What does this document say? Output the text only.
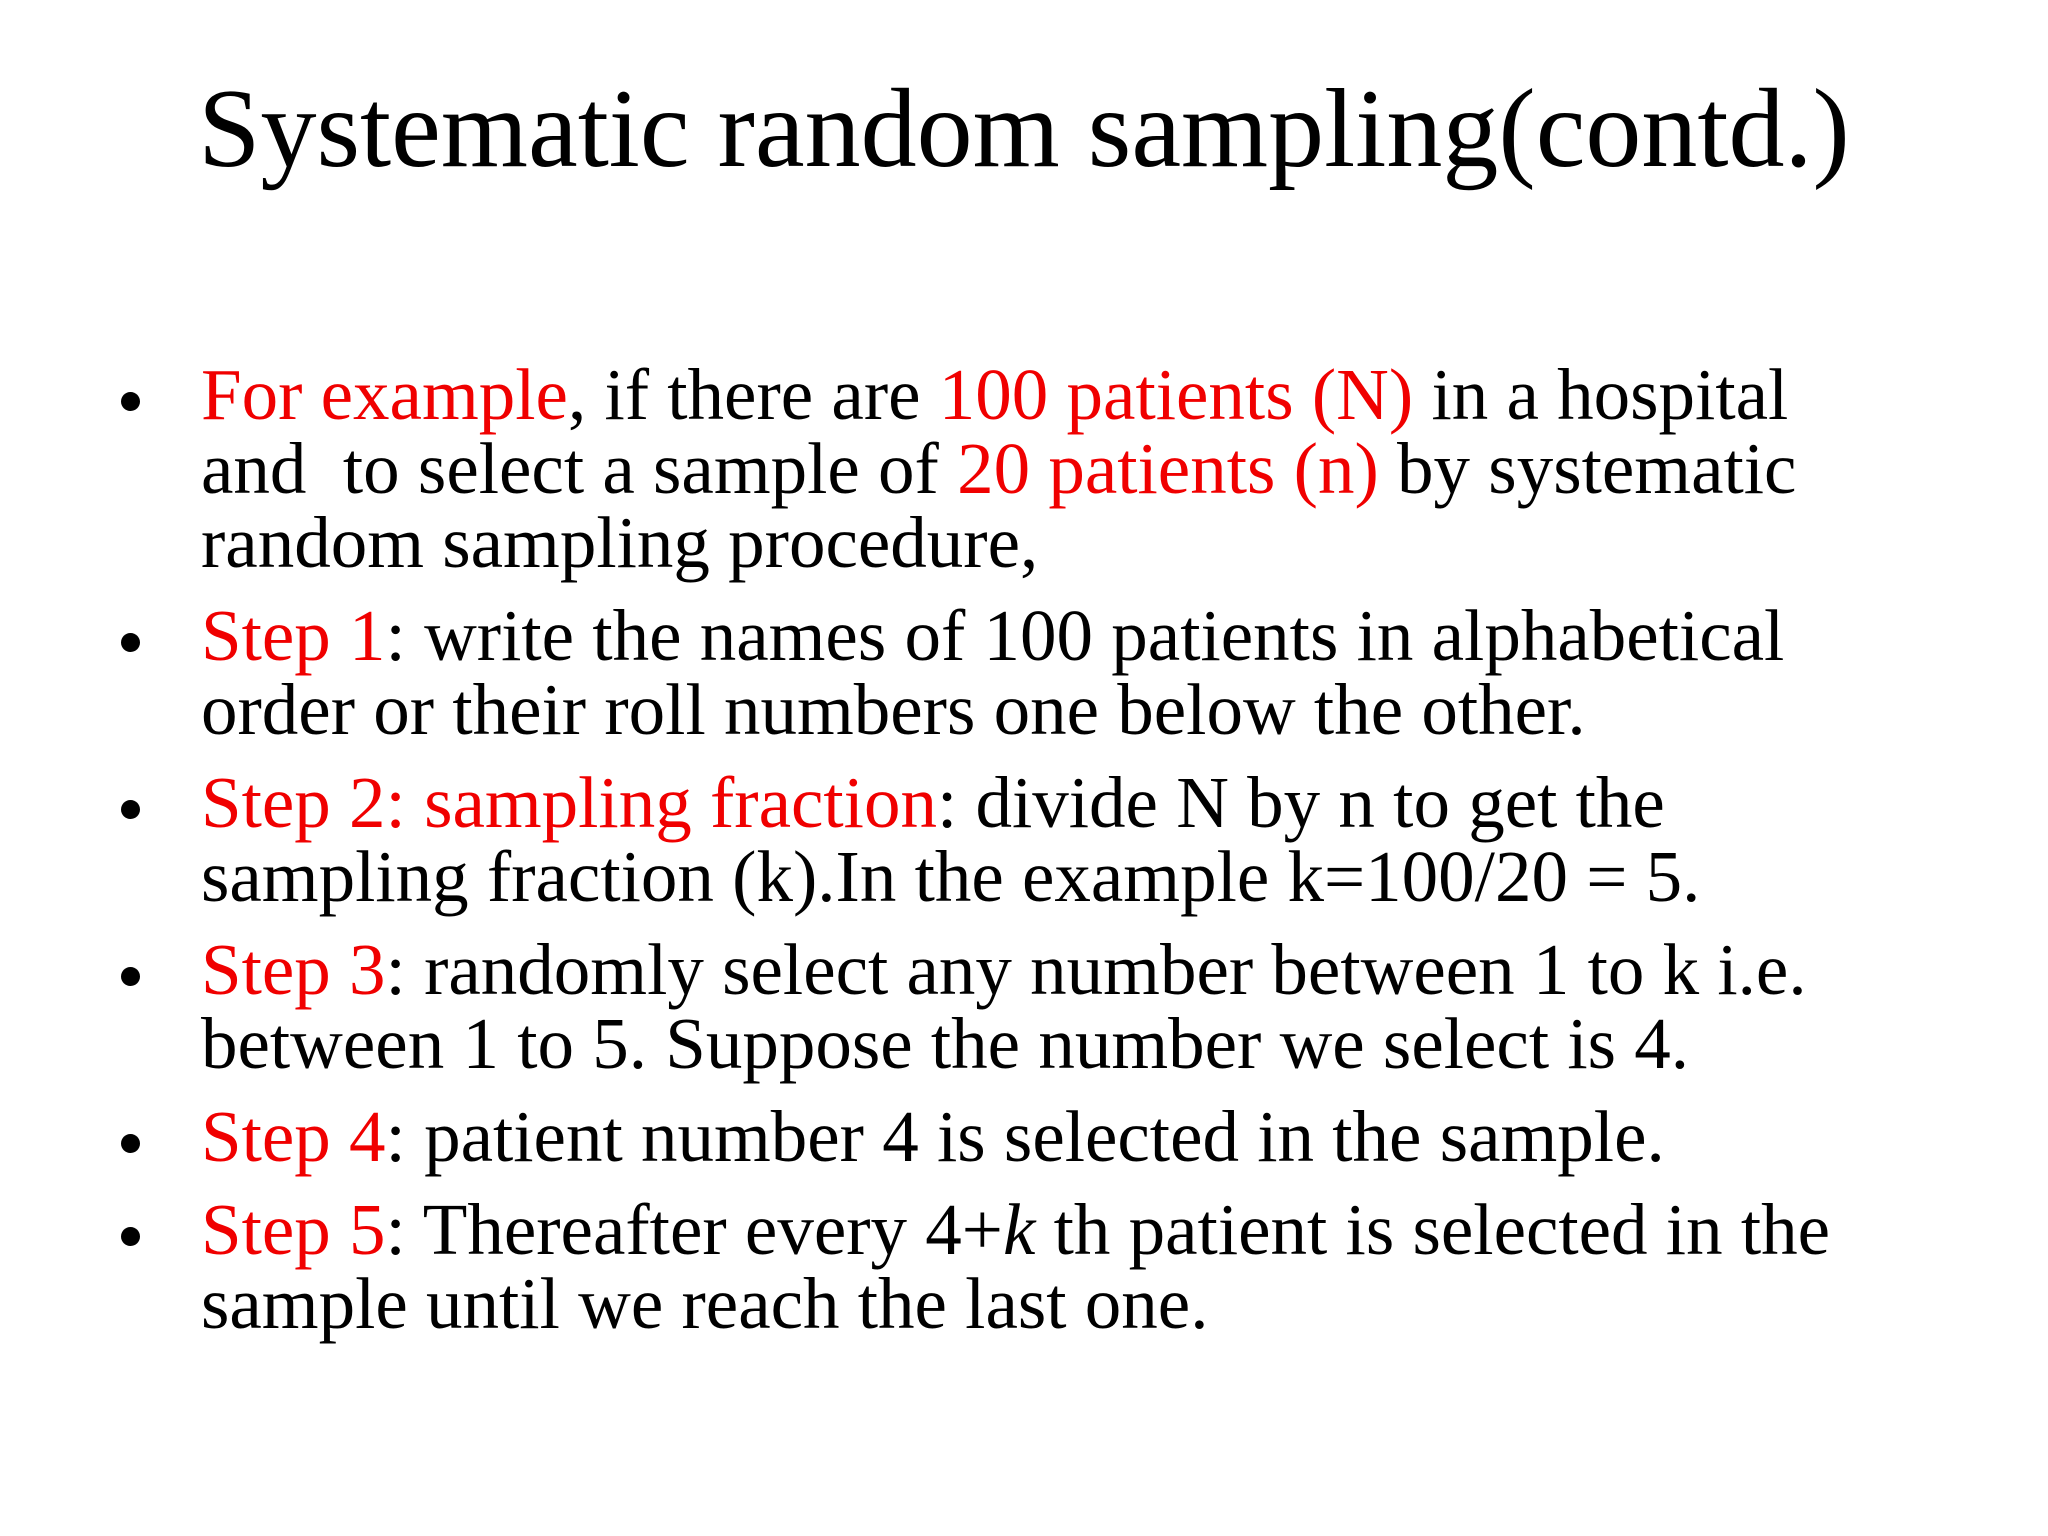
Systematic random sampling(contd.)
For example, if there are 100 patients (N) in a hospital
and  to select a sample of 20 patients (n) by systematic
random sampling procedure,
Step 1: write the names of 100 patients in alphabetical
order or their roll numbers one below the other.
Step 2: sampling fraction: divide N by n to get the
sampling fraction (k).In the example k=100/20 = 5.
Step 3: randomly select any number between 1 to k i.e.
between 1 to 5. Suppose the number we select is 4.
Step 4: patient number 4 is selected in the sample.
Step 5: Thereafter every 4+k th patient is selected in the
sample until we reach the last one.
